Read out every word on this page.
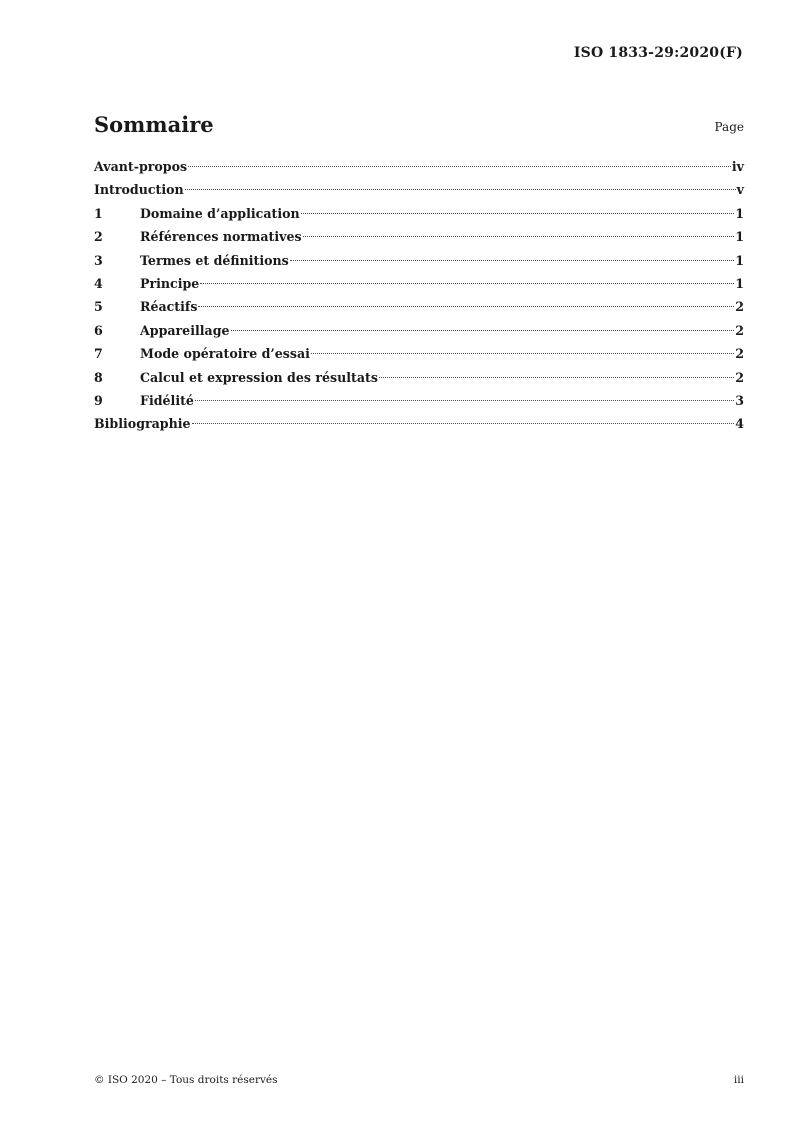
ISO 1833-29:2020(F)
Sommaire	Page
Avant-propos	iv
Introduction	v
1	Domaine d’application	1
2	Références normatives	1
3	Termes et définitions	1
4	Principe	1
5	Réactifs	2
6	Appareillage	2
7	Mode opératoire d’essai	2
8	Calcul et expression des résultats	2
9	Fidélité	3
Bibliographie	4
© ISO 2020 – Tous droits réservés	iii
